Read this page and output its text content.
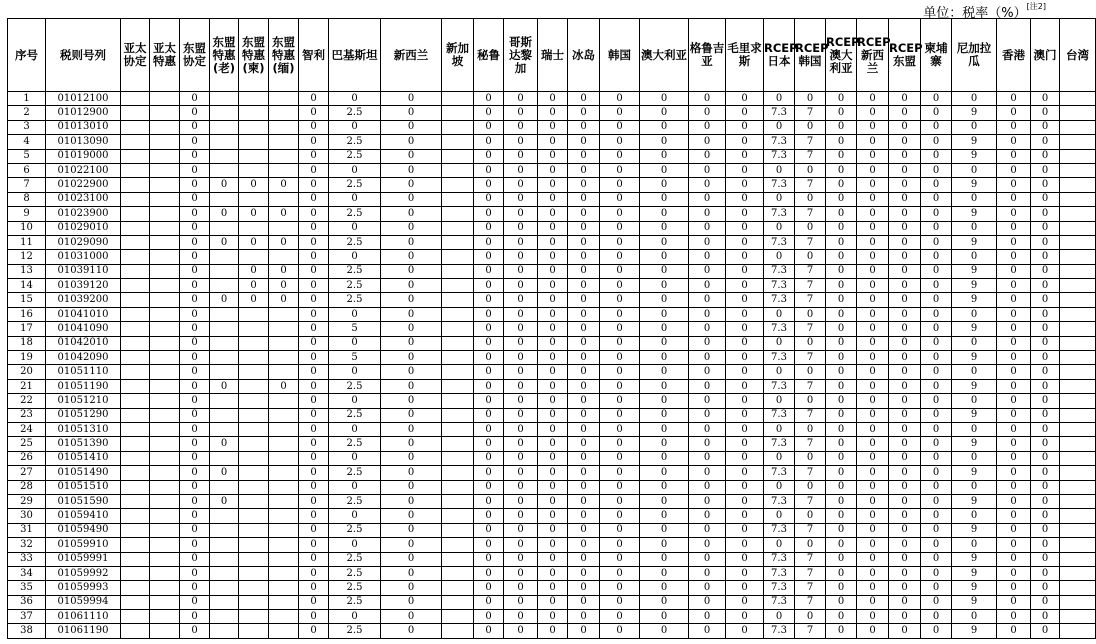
单位：税率（%）[注2]
序号	税则号列	亚太协定	亚太特惠	东盟协定	东盟特惠(老)	东盟特惠(柬)	东盟特惠(缅)	智利	巴基斯坦	新西兰	新加坡	秘鲁	哥斯达黎加	瑞士	冰岛	韩国	澳大利亚	格鲁吉亚	毛里求斯	RCEP日本	RCEP韩国	RCEP澳大利亚	RCEP新西兰	RCEP东盟	柬埔寨	尼加拉瓜	香港	澳门	台湾
1	01012100			0				0	0	0		0	0	0	0	0	0	0	0	0	0	0	0	0	0	0	0	0	
2	01012900			0				0	2.5	0		0	0	0	0	0	0	0	0	7.3	7	0	0	0	0	9	0	0	
3	01013010			0				0	0	0		0	0	0	0	0	0	0	0	0	0	0	0	0	0	0	0	0	
4	01013090			0				0	2.5	0		0	0	0	0	0	0	0	0	7.3	7	0	0	0	0	9	0	0	
5	01019000			0				0	2.5	0		0	0	0	0	0	0	0	0	7.3	7	0	0	0	0	9	0	0	
6	01022100			0				0	0	0		0	0	0	0	0	0	0	0	0	0	0	0	0	0	0	0	0	
7	01022900			0	0	0	0	0	2.5	0		0	0	0	0	0	0	0	0	7.3	7	0	0	0	0	9	0	0	
8	01023100			0				0	0	0		0	0	0	0	0	0	0	0	0	0	0	0	0	0	0	0	0	
9	01023900			0	0	0	0	0	2.5	0		0	0	0	0	0	0	0	0	7.3	7	0	0	0	0	9	0	0	
10	01029010			0				0	0	0		0	0	0	0	0	0	0	0	0	0	0	0	0	0	0	0	0	
11	01029090			0	0	0	0	0	2.5	0		0	0	0	0	0	0	0	0	7.3	7	0	0	0	0	9	0	0	
12	01031000			0				0	0	0		0	0	0	0	0	0	0	0	0	0	0	0	0	0	0	0	0	
13	01039110			0		0	0	0	2.5	0		0	0	0	0	0	0	0	0	7.3	7	0	0	0	0	9	0	0	
14	01039120			0		0	0	0	2.5	0		0	0	0	0	0	0	0	0	7.3	7	0	0	0	0	9	0	0	
15	01039200			0	0	0	0	0	2.5	0		0	0	0	0	0	0	0	0	7.3	7	0	0	0	0	9	0	0	
16	01041010			0				0	0	0		0	0	0	0	0	0	0	0	0	0	0	0	0	0	0	0	0	
17	01041090			0				0	5	0		0	0	0	0	0	0	0	0	7.3	7	0	0	0	0	9	0	0	
18	01042010			0				0	0	0		0	0	0	0	0	0	0	0	0	0	0	0	0	0	0	0	0	
19	01042090			0				0	5	0		0	0	0	0	0	0	0	0	7.3	7	0	0	0	0	9	0	0	
20	01051110			0				0	0	0		0	0	0	0	0	0	0	0	0	0	0	0	0	0	0	0	0	
21	01051190			0	0		0	0	2.5	0		0	0	0	0	0	0	0	0	7.3	7	0	0	0	0	9	0	0	
22	01051210			0				0	0	0		0	0	0	0	0	0	0	0	0	0	0	0	0	0	0	0	0	
23	01051290			0				0	2.5	0		0	0	0	0	0	0	0	0	7.3	7	0	0	0	0	9	0	0	
24	01051310			0				0	0	0		0	0	0	0	0	0	0	0	0	0	0	0	0	0	0	0	0	
25	01051390			0	0			0	2.5	0		0	0	0	0	0	0	0	0	7.3	7	0	0	0	0	9	0	0	
26	01051410			0				0	0	0		0	0	0	0	0	0	0	0	0	0	0	0	0	0	0	0	0	
27	01051490			0	0			0	2.5	0		0	0	0	0	0	0	0	0	7.3	7	0	0	0	0	9	0	0	
28	01051510			0				0	0	0		0	0	0	0	0	0	0	0	0	0	0	0	0	0	0	0	0	
29	01051590			0	0			0	2.5	0		0	0	0	0	0	0	0	0	7.3	7	0	0	0	0	9	0	0	
30	01059410			0				0	0	0		0	0	0	0	0	0	0	0	0	0	0	0	0	0	0	0	0	
31	01059490			0				0	2.5	0		0	0	0	0	0	0	0	0	7.3	7	0	0	0	0	9	0	0	
32	01059910			0				0	0	0		0	0	0	0	0	0	0	0	0	0	0	0	0	0	0	0	0	
33	01059991			0				0	2.5	0		0	0	0	0	0	0	0	0	7.3	7	0	0	0	0	9	0	0	
34	01059992			0				0	2.5	0		0	0	0	0	0	0	0	0	7.3	7	0	0	0	0	9	0	0	
35	01059993			0				0	2.5	0		0	0	0	0	0	0	0	0	7.3	7	0	0	0	0	9	0	0	
36	01059994			0				0	2.5	0		0	0	0	0	0	0	0	0	7.3	7	0	0	0	0	9	0	0	
37	01061110			0				0	0	0		0	0	0	0	0	0	0	0	0	0	0	0	0	0	0	0	0	
38	01061190			0				0	2.5	0		0	0	0	0	0	0	0	0	7.3	7	0	0	0	0	9	0	0	
